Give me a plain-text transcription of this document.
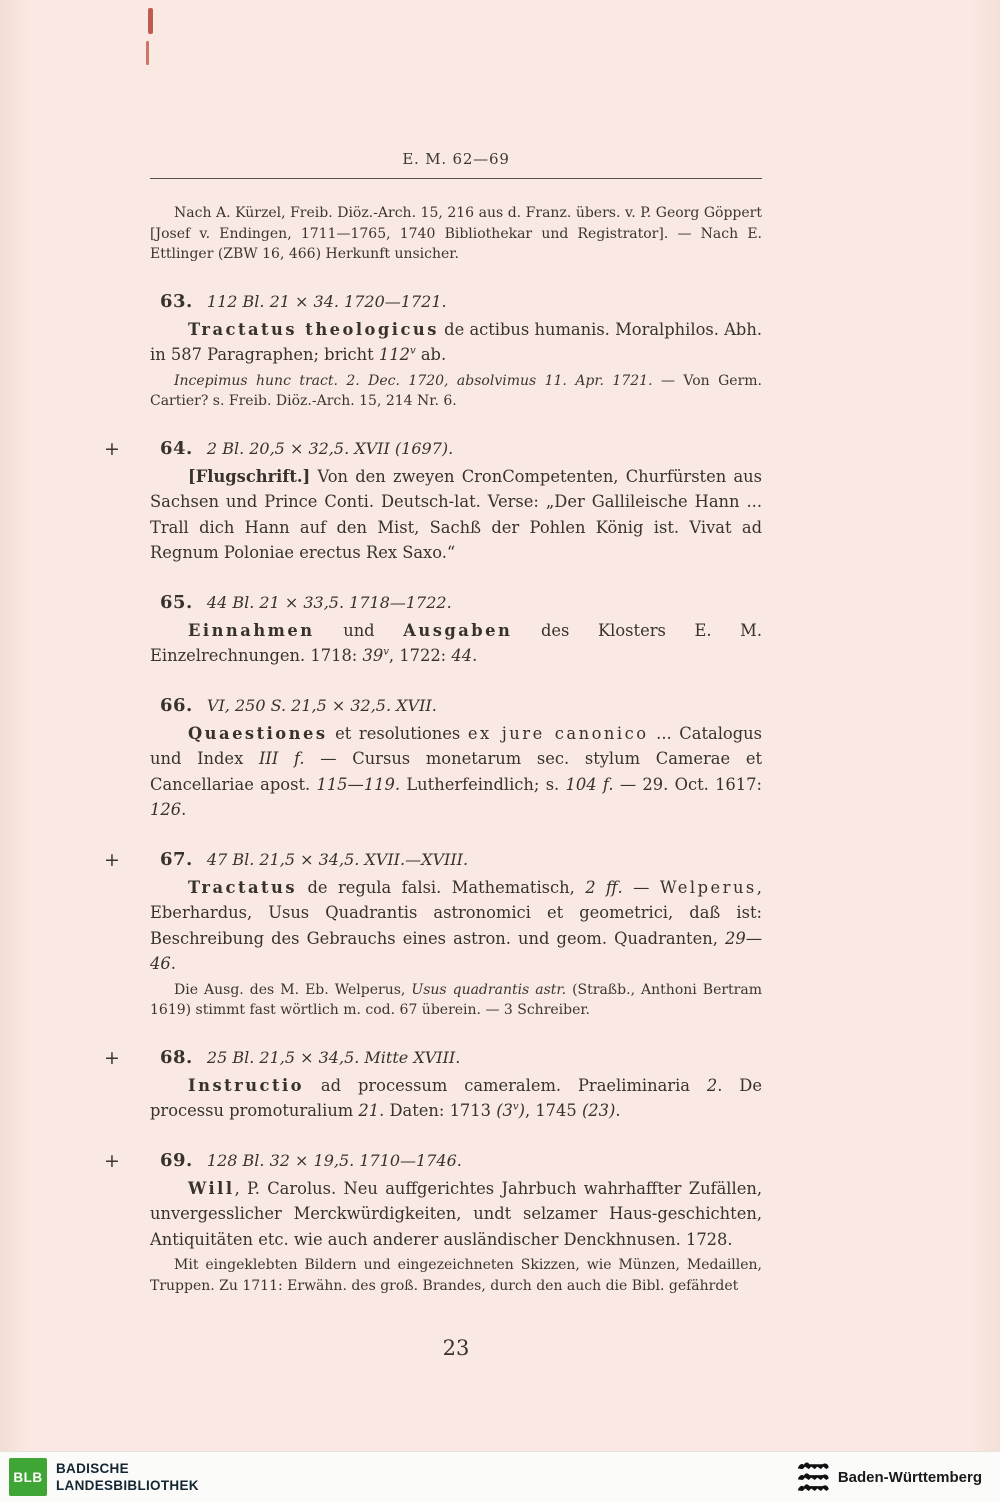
E. M. 62—69

Nach A. Kürzel, Freib. Diöz.-Arch. 15, 216 aus d. Franz. übers. v. P. Georg Göppert [Josef v. Endingen, 1711—1765, 1740 Bibliothekar und Registrator]. — Nach E. Ettlinger (ZBW 16, 466) Herkunft unsicher.

63. 112 Bl. 21 × 34. 1720—1721.

Tractatus theologicus de actibus humanis. Moralphilos. Abh. in 587 Paragraphen; bricht 112$^v$ ab.

Incepimus hunc tract. 2. Dec. 1720, absolvimus 11. Apr. 1721. — Von Germ. Cartier? s. Freib. Diöz.-Arch. 15, 214 Nr. 6.

+ 64. 2 Bl. 20,5 × 32,5. XVII (1697).

[Flugschrift.] Von den zweyen CronCompetenten, Churfürsten aus Sachsen und Prince Conti. Deutsch-lat. Verse: „Der Gallileische Hann ... Trall dich Hann auf den Mist, Sachß der Pohlen König ist. Vivat ad Regnum Poloniae erectus Rex Saxo.“

65. 44 Bl. 21 × 33,5. 1718—1722.

Einnahmen und Ausgaben des Klosters E. M. Einzelrechnungen. 1718: 39$^v$, 1722: 44.

66. VI, 250 S. 21,5 × 32,5. XVII.

Quaestiones et resolutiones ex jure canonico ... Catalogus und Index III f. — Cursus monetarum sec. stylum Camerae et Cancellariae apost. 115—119. Lutherfeindlich; s. 104 f. — 29. Oct. 1617: 126.

+ 67. 47 Bl. 21,5 × 34,5. XVII.—XVIII.

Tractatus de regula falsi. Mathematisch, 2 ff. — Welperus, Eberhardus, Usus Quadrantis astronomici et geometrici, daß ist: Beschreibung des Gebrauchs eines astron. und geom. Quadranten, 29—46.

Die Ausg. des M. Eb. Welperus, Usus quadrantis astr. (Straßb., Anthoni Bertram 1619) stimmt fast wörtlich m. cod. 67 überein. — 3 Schreiber.

+ 68. 25 Bl. 21,5 × 34,5. Mitte XVIII.

Instructio ad processum cameralem. Praeliminaria 2. De processu promoturalium 21. Daten: 1713 (3$^v$), 1745 (23).

+ 69. 128 Bl. 32 × 19,5. 1710—1746.

Will, P. Carolus. Neu auffgerichtes Jahrbuch wahrhaffter Zufällen, unvergesslicher Merckwürdigkeiten, undt selzamer Haus-geschichten, Antiquitäten etc. wie auch anderer ausländischer Denckhnusen. 1728.

Mit eingeklebten Bildern und eingezeichneten Skizzen, wie Münzen, Medaillen, Truppen. Zu 1711: Erwähn. des groß. Brandes, durch den auch die Bibl. gefährdet

23
BLB
BADISCHE
LANDESBIBLIOTHEK	Baden-Württemberg
